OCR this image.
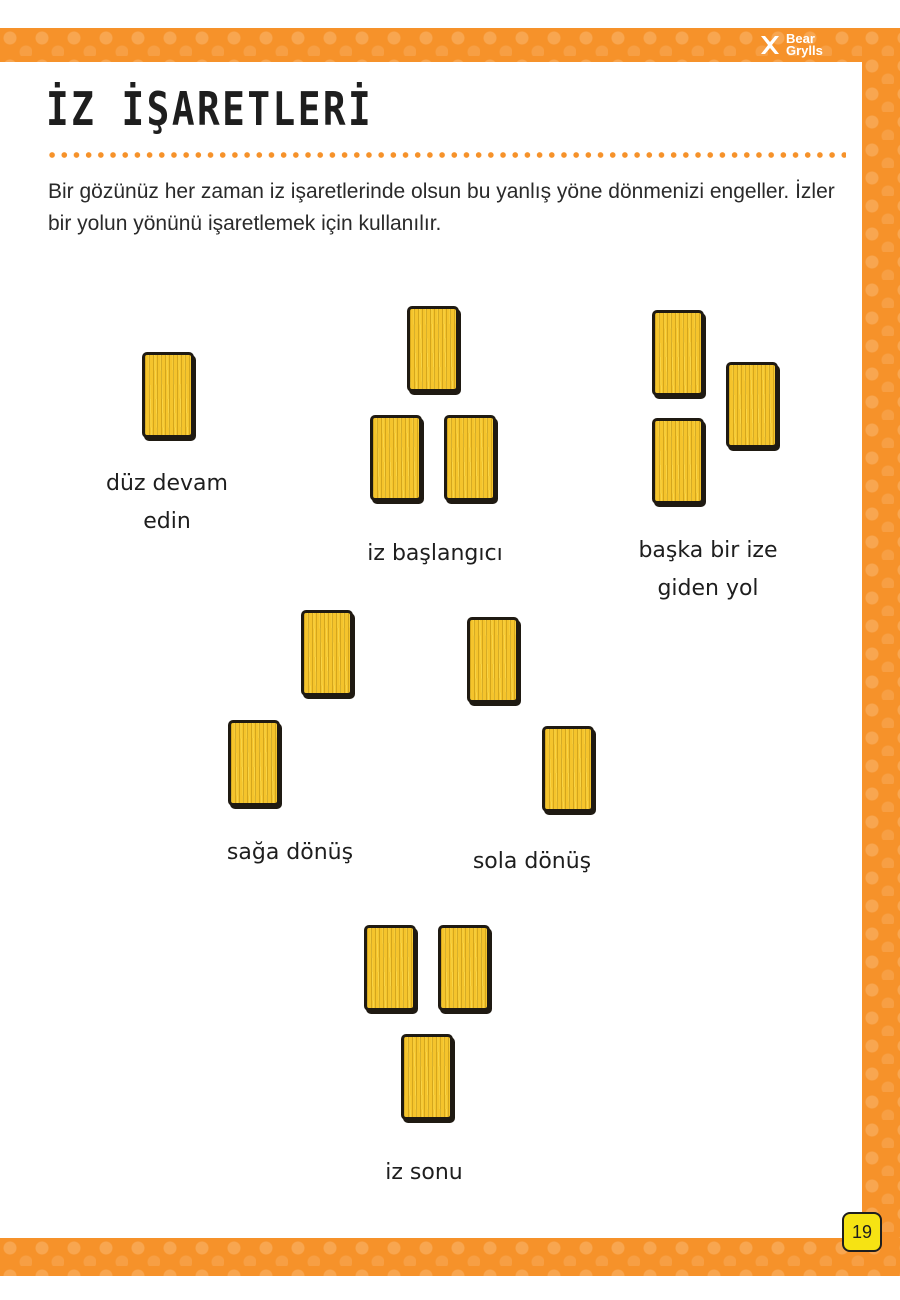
Bear
Grylls
İZ İŞARETLERİ

Bir gözünüz her zaman iz işaretlerinde olsun bu yanlış yöne dönmenizi engeller. İzler bir yolun yönünü işaretlemek için kullanılır.

düz devam edin
iz başlangıcı	başka bir ize giden yol
sağa dönüş	sola dönüş
iz sonu
19
